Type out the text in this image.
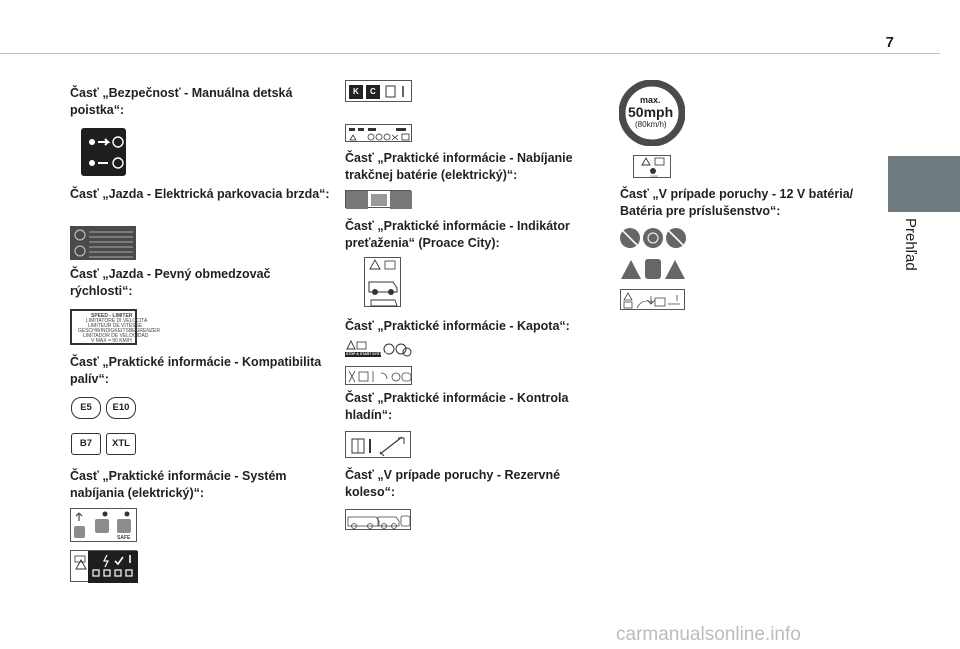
7
Prehľad
Časť „Bezpečnosť - Manuálna detská poistka“:
Časť „Jazda - Elektrická parkovacia brzda“:
Časť „Jazda - Pevný obmedzovač rýchlosti“:
SPEED - LIMITER
LIMITATORE DI VELOCITA
LIMITEUR DE VITESSE
GESCHWINDIGKEITSBEGRENZER
LIMITADOR DE VELOCIDAD
V MAX = 90 KM/H
Časť „Praktické informácie - Kompatibilita palív“:
E5	E10
B7	XTL
Časť „Praktické informácie - Systém nabíjania (elektrický)“:
SAFE
K C
Časť „Praktické informácie - Nabíjanie trakčnej batérie (elektrický)“:
Časť „Praktické informácie - Indikátor preťaženia“ (Proace City):
Časť „Praktické informácie - Kapota“:
STOP & START SYSTEM
Časť „Praktické informácie - Kontrola hladín“:
Časť „V prípade poruchy - Rezervné koleso“:
max.
50mph
(80km/h)
OFF
Časť „V prípade poruchy - 12 V batéria/ Batéria pre príslušenstvo“:
carmanualsonline.info
